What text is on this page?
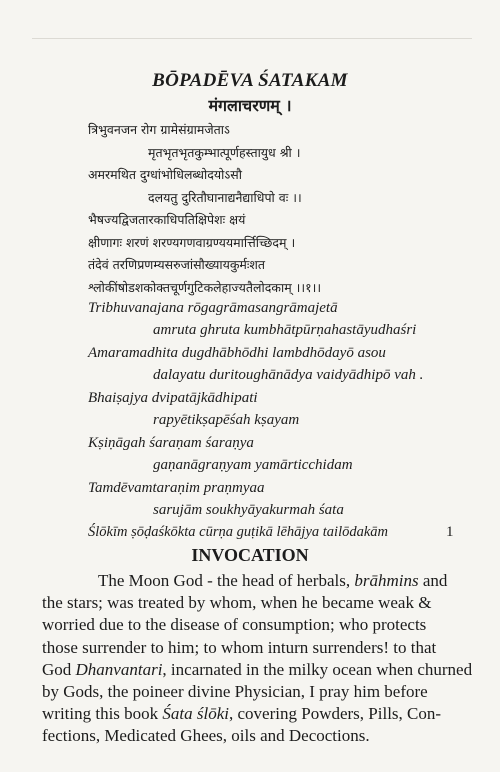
BŌPADĒVA ŚATAKAM
मंगलाचरणम् ।
त्रिभुवनजन रोग ग्रामेसंग्रामजेताऽ
मृतभृतभृतकुम्भात्पूर्णहस्तायुध श्री ।
अमरमथित दुग्धांभोधिलब्धोदयोऽसौ
दलयतु दुरितौघानाद्यनैद्याधिपो वः ।।
भैषज्यद्विजतारकाधिपतिक्षिपेशः क्षयं
क्षीणागः शरणं शरण्यगणवाग्रण्ययमार्त्तिच्छिदम् ।
तंदेवं तरणिप्रणम्यसरुजांसौख्यायकुर्मःशत
श्लोकींषोडशकोक्तचूर्णगुटिकलेहाज्यतैलोदकाम् ।।१।।
Tribhuvanajana rōgagrāmasangrāmajetā
amruta ghruta kumbhātpūrṇahastāyudhaśri
Amaramadhita dugdhābhōdhi lambdhōdayō asou
dalayatu duritoughānādya vaidyādhipō vah .
Bhaiṣajya dvipatājkādhipati
rapyētikṣapēśah kṣayam
Kṣiṇāgah śaraṇam śaraṇya
gaṇanāgraṇyam yamārticchidam
Tamdēvamtaraṇim praṇmyaa
sarujām soukhyāyakurmah śata
Ślōkīm ṣōḍaśkōkta cūrṇa guṭikā lēhājya tailōdakām	1
INVOCATION
The Moon God - the head of herbals, brāhmins and
the stars; was treated by whom, when he became weak &
worried due to the disease of consumption; who protects
those surrender to him; to whom inturn surrenders! to that
God Dhanvantari, incarnated in the milky ocean when churned
by Gods, the poineer divine Physician, I pray him before
writing this book Śata ślōki, covering Powders, Pills, Con-
fections, Medicated Ghees, oils and Decoctions.
